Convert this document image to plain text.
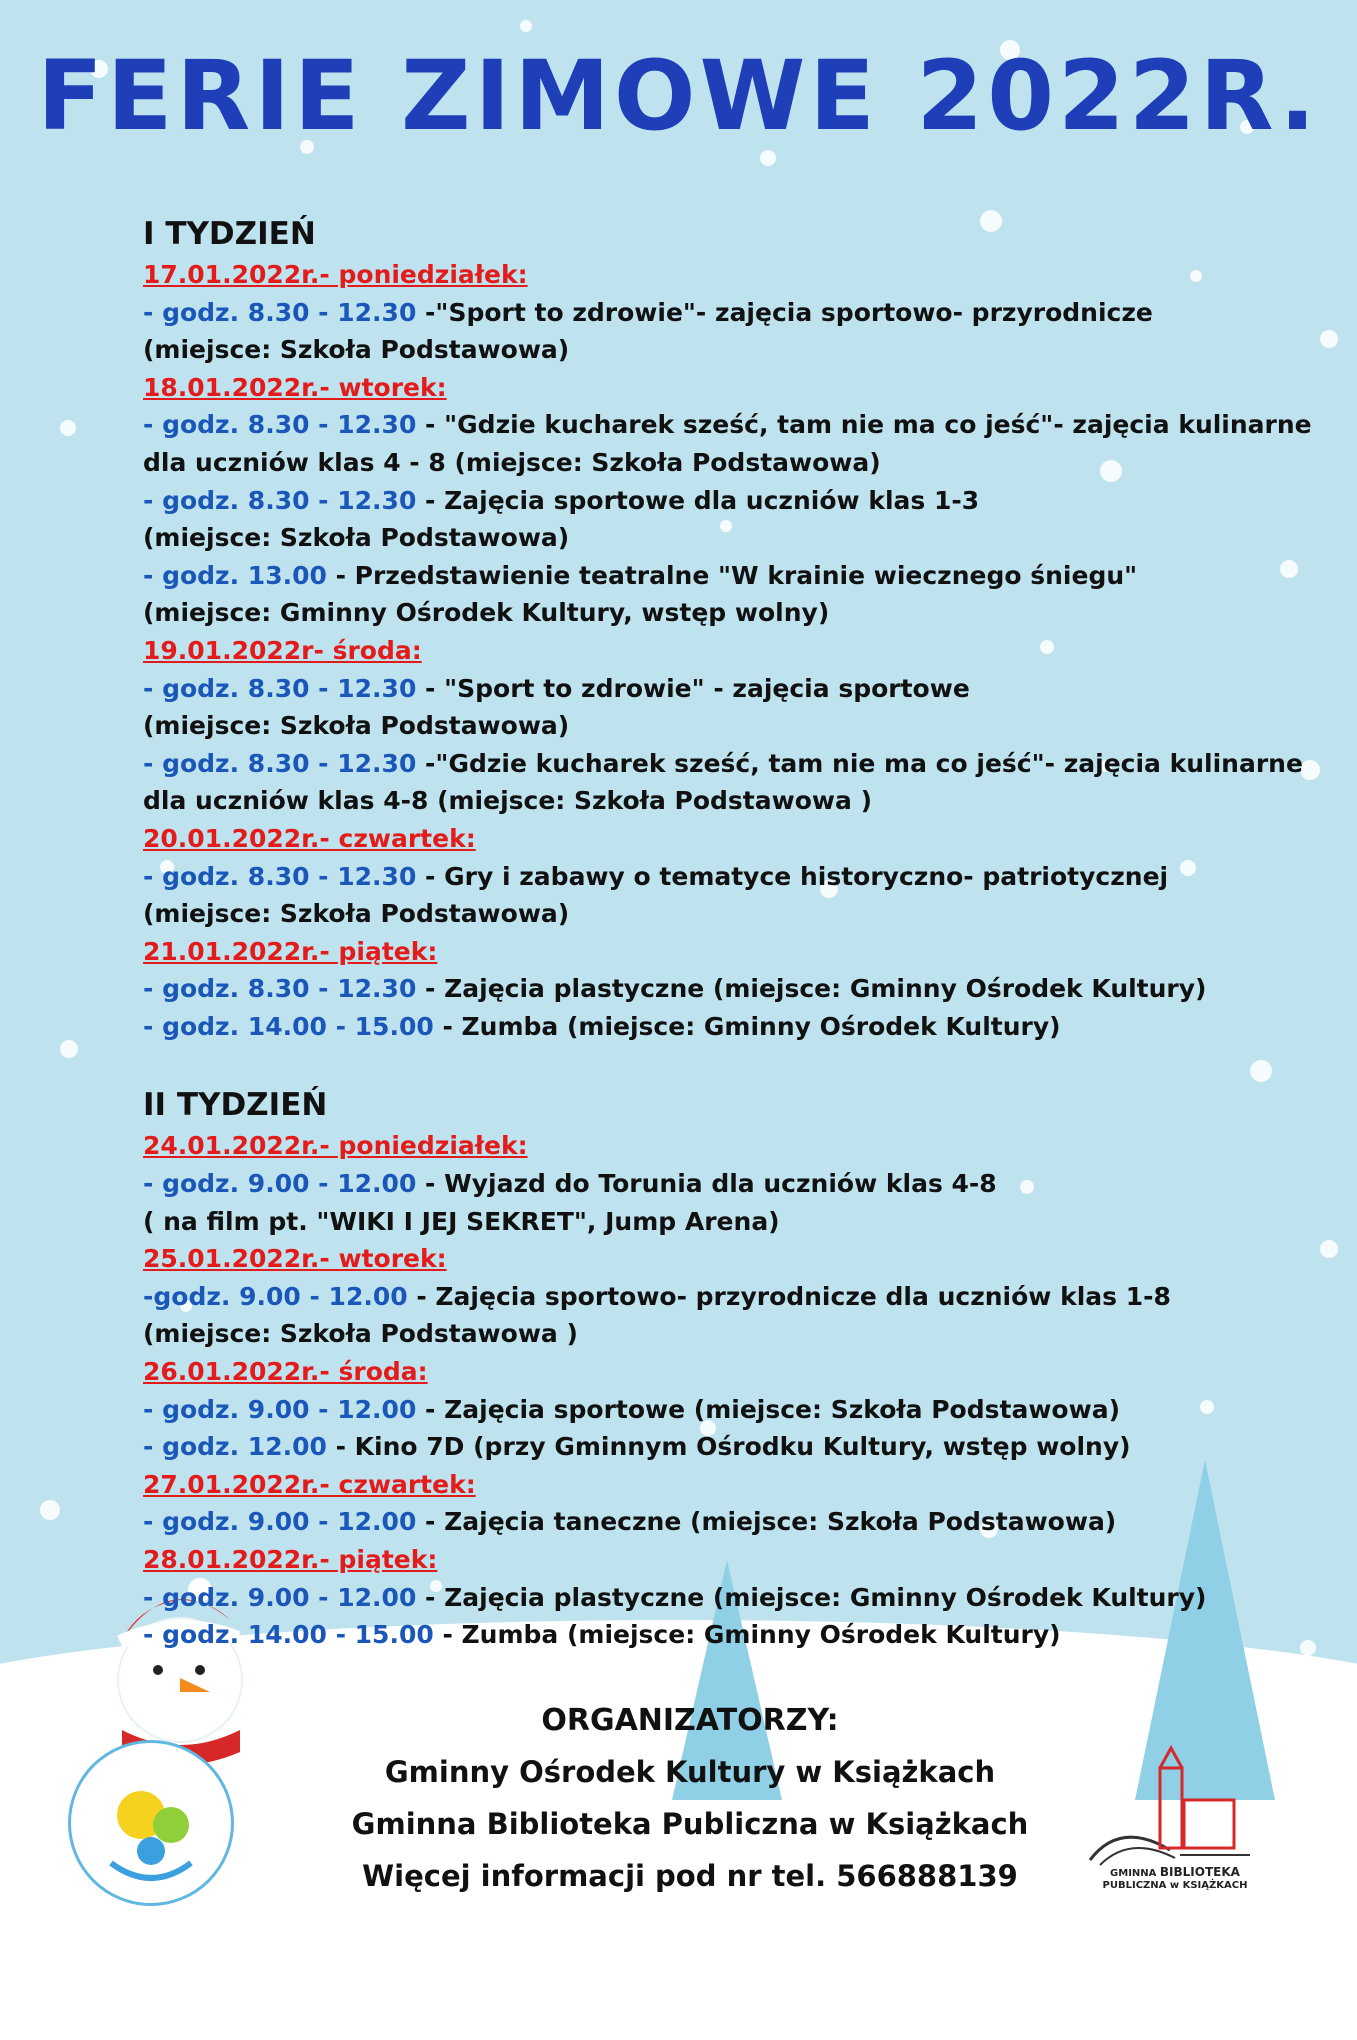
FERIE ZIMOWE 2022R.
I TYDZIEŃ
17.01.2022r.- poniedziałek:
- godz. 8.30 - 12.30 -"Sport to zdrowie"- zajęcia sportowo- przyrodnicze
(miejsce: Szkoła Podstawowa)
18.01.2022r.- wtorek:
- godz. 8.30 - 12.30 - "Gdzie kucharek sześć, tam nie ma co jeść"- zajęcia kulinarne
dla uczniów klas 4 - 8 (miejsce: Szkoła Podstawowa)
- godz. 8.30 - 12.30 - Zajęcia sportowe dla uczniów klas 1-3
(miejsce: Szkoła Podstawowa)
- godz. 13.00 - Przedstawienie teatralne "W krainie wiecznego śniegu"
(miejsce: Gminny Ośrodek Kultury, wstęp wolny)
19.01.2022r- środa:
- godz. 8.30 - 12.30 - "Sport to zdrowie" - zajęcia sportowe
(miejsce: Szkoła Podstawowa)
- godz. 8.30 - 12.30 -"Gdzie kucharek sześć, tam nie ma co jeść"- zajęcia kulinarne
dla uczniów klas 4-8 (miejsce: Szkoła Podstawowa )
20.01.2022r.- czwartek:
- godz. 8.30 - 12.30 - Gry i zabawy o tematyce historyczno- patriotycznej
(miejsce: Szkoła Podstawowa)
21.01.2022r.- piątek:
- godz. 8.30 - 12.30 - Zajęcia plastyczne (miejsce: Gminny Ośrodek Kultury)
- godz. 14.00 - 15.00 - Zumba (miejsce: Gminny Ośrodek Kultury)
II TYDZIEŃ
24.01.2022r.- poniedziałek:
- godz. 9.00 - 12.00 - Wyjazd do Torunia dla uczniów klas 4-8
( na film pt. "WIKI I JEJ SEKRET", Jump Arena)
25.01.2022r.- wtorek:
-godz. 9.00 - 12.00 - Zajęcia sportowo- przyrodnicze dla uczniów klas 1-8
(miejsce: Szkoła Podstawowa )
26.01.2022r.- środa:
- godz. 9.00 - 12.00 - Zajęcia sportowe (miejsce: Szkoła Podstawowa)
- godz. 12.00 - Kino 7D (przy Gminnym Ośrodku Kultury, wstęp wolny)
27.01.2022r.- czwartek:
- godz. 9.00 - 12.00 - Zajęcia taneczne (miejsce: Szkoła Podstawowa)
28.01.2022r.- piątek:
- godz. 9.00 - 12.00 - Zajęcia plastyczne (miejsce: Gminny Ośrodek Kultury)
- godz. 14.00 - 15.00 - Zumba (miejsce: Gminny Ośrodek Kultury)
ORGANIZATORZY:
Gminny Ośrodek Kultury w Książkach
Gminna Biblioteka Publiczna w Książkach
Więcej informacji pod nr tel. 566888139	GMINNA BIBLIOTEKA
PUBLICZNA w KSIĄŻKACH
